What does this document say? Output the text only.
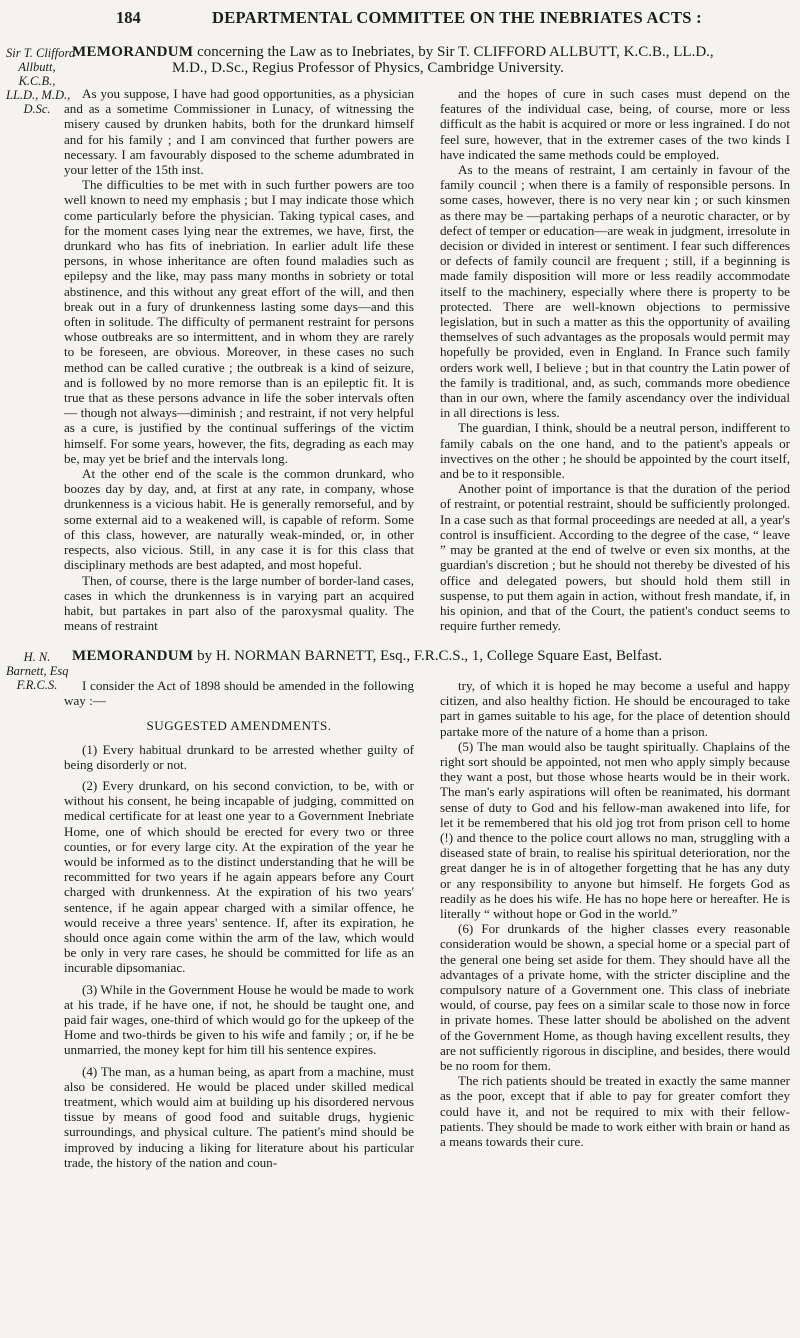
184	DEPARTMENTAL COMMITTEE ON THE INEBRIATES ACTS :
Sir T. Clifford
Allbutt,
K.C.B.,
LL.D., M.D.,
D.Sc.
MEMORANDUM concerning the Law as to Inebriates, by Sir T. CLIFFORD ALLBUTT, K.C.B., LL.D.,
M.D., D.Sc., Regius Professor of Physics, Cambridge University.

As you suppose, I have had good opportunities, as a physician and as a sometime Commissioner in Lunacy, of witnessing the misery caused by drunken habits, both for the drunkard himself and for his family ; and I am convinced that further powers are necessary. I am favourably disposed to the scheme adumbrated in your letter of the 15th inst.

The difficulties to be met with in such further powers are too well known to need my emphasis ; but I may indicate those which come particularly before the physician. Taking typical cases, and for the moment cases lying near the extremes, we have, first, the drunkard who has fits of inebriation. In earlier adult life these persons, in whose inheritance are often found maladies such as epilepsy and the like, may pass many months in sobriety or total abstinence, and this without any great effort of the will, and then break out in a fury of drunkenness lasting some days—and this often in solitude. The difficulty of permanent restraint for persons whose outbreaks are so intermittent, and in whom they are rarely to be foreseen, are obvious. Moreover, in these cases no such method can be called curative ; the outbreak is a kind of seizure, and is followed by no more remorse than is an epileptic fit. It is true that as these persons advance in life the sober intervals often— though not always—diminish ; and restraint, if not very helpful as a cure, is justified by the continual sufferings of the victim himself. For some years, however, the fits, degrading as each may be, may yet be brief and the intervals long.

At the other end of the scale is the common drunkard, who boozes day by day, and, at first at any rate, in company, whose drunkenness is a vicious habit. He is generally remorseful, and by some external aid to a weakened will, is capable of reform. Some of this class, however, are naturally weak-minded, or, in other respects, also vicious. Still, in any case it is for this class that disciplinary methods are best adapted, and most hopeful.

Then, of course, there is the large number of border-land cases, cases in which the drunkenness is in varying part an acquired habit, but partakes in part also of the paroxysmal quality. The means of restraint

and the hopes of cure in such cases must depend on the features of the individual case, being, of course, more or less difficult as the habit is acquired or more or less ingrained. I do not feel sure, however, that in the extremer cases of the two kinds I have indicated the same methods could be employed.

As to the means of restraint, I am certainly in favour of the family council ; when there is a family of responsible persons. In some cases, however, there is no very near kin ; or such kinsmen as there may be —partaking perhaps of a neurotic character, or by defect of temper or education—are weak in judgment, irresolute in decision or divided in interest or sentiment. I fear such differences or defects of family council are frequent ; still, if a beginning is made family disposition will more or less readily accommodate itself to the machinery, especially where there is property to be protected. There are well-known objections to permissive legislation, but in such a matter as this the opportunity of availing themselves of such advantages as the proposals would permit may hopefully be provided, even in England. In France such family orders work well, I believe ; but in that country the Latin power of the family is traditional, and, as such, commands more obedience than in our own, where the family ascendancy over the individual in all directions is less.

The guardian, I think, should be a neutral person, indifferent to family cabals on the one hand, and to the patient's appeals or invectives on the other ; he should be appointed by the court itself, and be to it responsible.

Another point of importance is that the duration of the period of restraint, or potential restraint, should be sufficiently prolonged. In a case such as that formal proceedings are needed at all, a year's control is insufficient. According to the degree of the case, “ leave ” may be granted at the end of twelve or even six months, at the guardian's discretion ; but he should not thereby be divested of his office and delegated powers, but should hold them still in suspense, to put them again in action, without fresh mandate, if, in his opinion, and that of the Court, the patient's conduct seems to require further remedy.

H. N.
Barnett, Esq
F.R.C.S.
MEMORANDUM by H. NORMAN BARNETT, Esq., F.R.C.S., 1, College Square East, Belfast.

I consider the Act of 1898 should be amended in the following way :—

SUGGESTED AMENDMENTS.

(1) Every habitual drunkard to be arrested whether guilty of being disorderly or not.

(2) Every drunkard, on his second conviction, to be, with or without his consent, he being incapable of judging, committed on medical certificate for at least one year to a Government Inebriate Home, one of which should be erected for every two or three counties, or for every large city. At the expiration of the year he would be informed as to the distinct understanding that he will be recommitted for two years if he again appears before any Court charged with drunkenness. At the expiration of his two years' sentence, if he again appear charged with a similar offence, he would receive a three years' sentence. If, after its expiration, he should once again come within the arm of the law, which would be only in very rare cases, he should be committed for life as an incurable dipsomaniac.

(3) While in the Government House he would be made to work at his trade, if he have one, if not, he should be taught one, and paid fair wages, one-third of which would go for the upkeep of the Home and two-thirds be given to his wife and family ; or, if he be unmarried, the money kept for him till his sentence expires.

(4) The man, as a human being, as apart from a machine, must also be considered. He would be placed under skilled medical treatment, which would aim at building up his disordered nervous tissue by means of good food and suitable drugs, hygienic surroundings, and physical culture. The patient's mind should be improved by inducing a liking for literature about his particular trade, the history of the nation and coun-

try, of which it is hoped he may become a useful and happy citizen, and also healthy fiction. He should be encouraged to take part in games suitable to his age, for the place of detention should partake more of the nature of a home than a prison.

(5) The man would also be taught spiritually. Chaplains of the right sort should be appointed, not men who apply simply because they want a post, but those whose hearts would be in their work. The man's early aspirations will often be reanimated, his dormant sense of duty to God and his fellow-man awakened into life, for let it be remembered that his old jog trot from prison cell to home (!) and thence to the police court allows no man, struggling with a diseased state of brain, to realise his spiritual deterioration, nor the great danger he is in of altogether forgetting that he has any duty or any responsibility to anyone but himself. He forgets God as readily as he does his wife. He has no hope here or hereafter. He is literally “ without hope or God in the world.”

(6) For drunkards of the higher classes every reasonable consideration would be shown, a special home or a special part of the general one being set aside for them. They should have all the advantages of a private home, with the stricter discipline and the compulsory nature of a Government one. This class of inebriate would, of course, pay fees on a similar scale to those now in force in private homes. These latter should be abolished on the advent of the Government Home, as though having excellent results, they are not sufficiently rigorous in discipline, and besides, there would be no room for them.

The rich patients should be treated in exactly the same manner as the poor, except that if able to pay for greater comfort they could have it, and not be required to mix with their fellow-patients. They should be made to work either with brain or hand as a means towards their cure.
